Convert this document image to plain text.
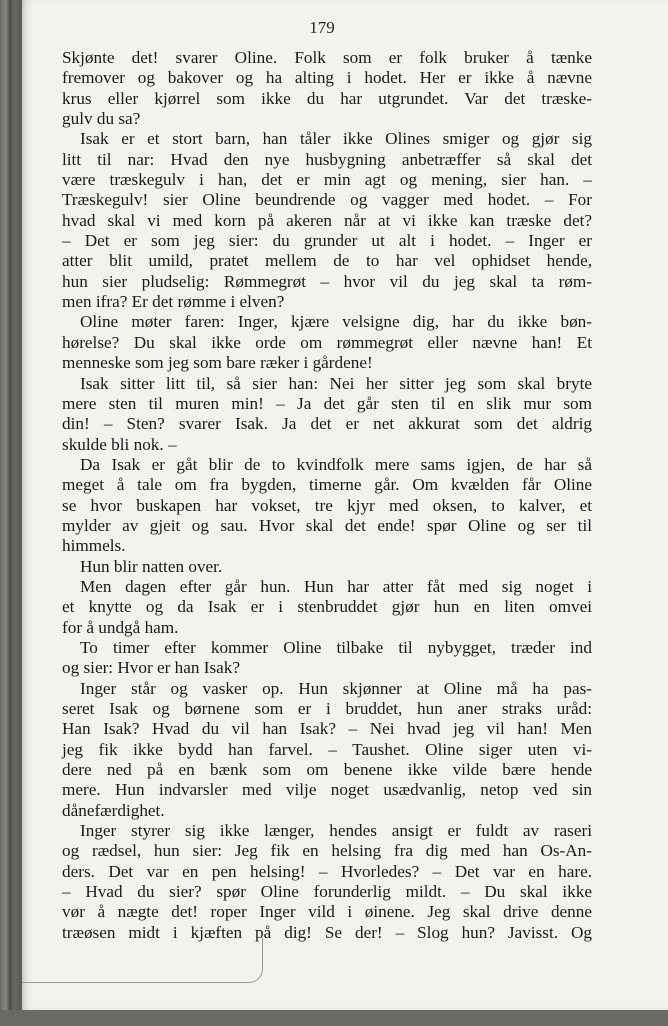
179
Skjønte det! svarer Oline. Folk som er folk bruker å tænke
fremover og bakover og ha alting i hodet. Her er ikke å nævne
krus eller kjørrel som ikke du har utgrundet. Var det træske-
gulv du sa?
Isak er et stort barn, han tåler ikke Olines smiger og gjør sig
litt til nar: Hvad den nye husbygning anbetræffer så skal det
være træskegulv i han, det er min agt og mening, sier han. –
Træskegulv! sier Oline beundrende og vagger med hodet. – For
hvad skal vi med korn på akeren når at vi ikke kan træske det?
– Det er som jeg sier: du grunder ut alt i hodet. – Inger er
atter blit umild, pratet mellem de to har vel ophidset hende,
hun sier pludselig: Rømmegrøt – hvor vil du jeg skal ta røm-
men ifra? Er det rømme i elven?
Oline møter faren: Inger, kjære velsigne dig, har du ikke bøn-
hørelse? Du skal ikke orde om rømmegrøt eller nævne han! Et
menneske som jeg som bare ræker i gårdene!
Isak sitter litt til, så sier han: Nei her sitter jeg som skal bryte
mere sten til muren min! – Ja det går sten til en slik mur som
din! – Sten? svarer Isak. Ja det er net akkurat som det aldrig
skulde bli nok. –
Da Isak er gåt blir de to kvindfolk mere sams igjen, de har så
meget å tale om fra bygden, timerne går. Om kvælden får Oline
se hvor buskapen har vokset, tre kjyr med oksen, to kalver, et
mylder av gjeit og sau. Hvor skal det ende! spør Oline og ser til
himmels.
Hun blir natten over.
Men dagen efter går hun. Hun har atter fåt med sig noget i
et knytte og da Isak er i stenbruddet gjør hun en liten omvei
for å undgå ham.
To timer efter kommer Oline tilbake til nybygget, træder ind
og sier: Hvor er han Isak?
Inger står og vasker op. Hun skjønner at Oline må ha pas-
seret Isak og børnene som er i bruddet, hun aner straks uråd:
Han Isak? Hvad du vil han Isak? – Nei hvad jeg vil han! Men
jeg fik ikke bydd han farvel. – Taushet. Oline siger uten vi-
dere ned på en bænk som om benene ikke vilde bære hende
mere. Hun indvarsler med vilje noget usædvanlig, netop ved sin
dånefærdighet.
Inger styrer sig ikke længer, hendes ansigt er fuldt av raseri
og rædsel, hun sier: Jeg fik en helsing fra dig med han Os-An-
ders. Det var en pen helsing! – Hvorledes? – Det var en hare.
– Hvad du sier? spør Oline forunderlig mildt. – Du skal ikke
vør å nægte det! roper Inger vild i øinene. Jeg skal drive denne
træøsen midt i kjæften på dig! Se der! – Slog hun? Javisst. Og
